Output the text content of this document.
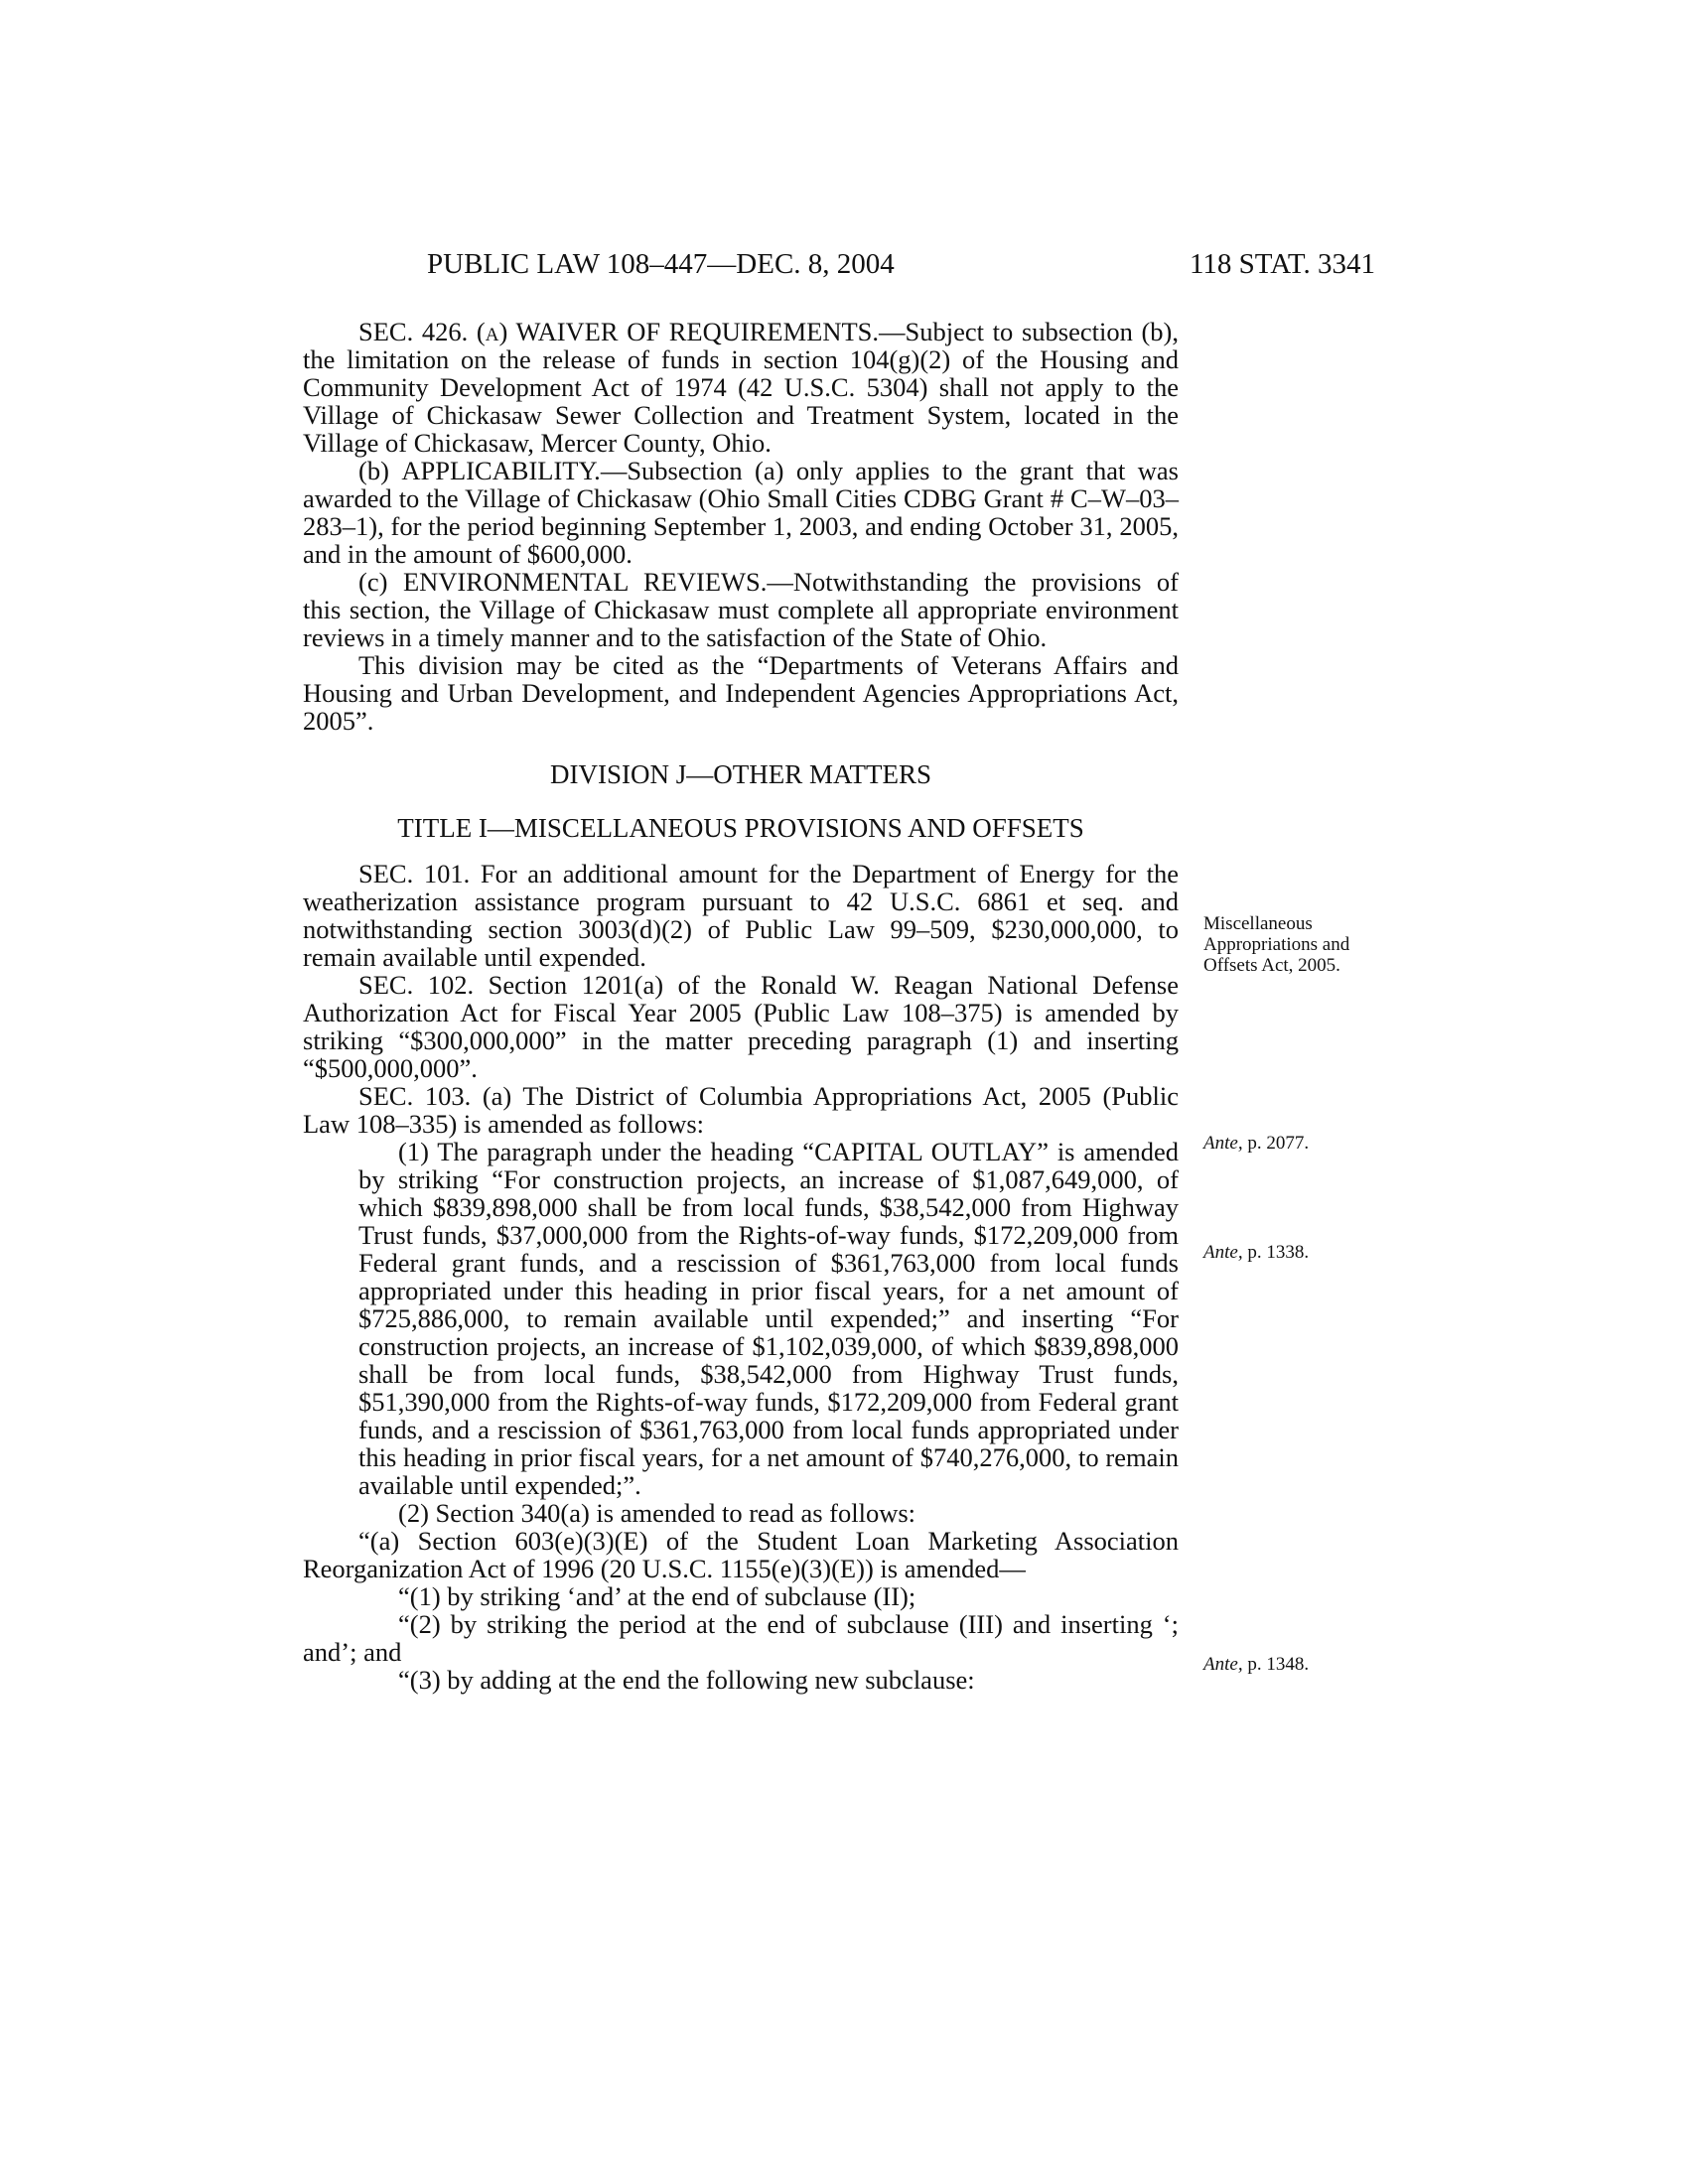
PUBLIC LAW 108–447—DEC. 8, 2004	118 STAT. 3341

SEC. 426. (a) WAIVER OF REQUIREMENTS.—Subject to subsection (b), the limitation on the release of funds in section 104(g)(2) of the Housing and Community Development Act of 1974 (42 U.S.C. 5304) shall not apply to the Village of Chickasaw Sewer Collection and Treatment System, located in the Village of Chickasaw, Mercer County, Ohio.

(b) APPLICABILITY.—Subsection (a) only applies to the grant that was awarded to the Village of Chickasaw (Ohio Small Cities CDBG Grant # C–W–03–283–1), for the period beginning September 1, 2003, and ending October 31, 2005, and in the amount of $600,000.

(c) ENVIRONMENTAL REVIEWS.—Notwithstanding the provisions of this section, the Village of Chickasaw must complete all appropriate environment reviews in a timely manner and to the satisfaction of the State of Ohio.

This division may be cited as the “Departments of Veterans Affairs and Housing and Urban Development, and Independent Agencies Appropriations Act, 2005”.

DIVISION J—OTHER MATTERS
TITLE I—MISCELLANEOUS PROVISIONS AND OFFSETS

SEC. 101. For an additional amount for the Department of Energy for the weatherization assistance program pursuant to 42 U.S.C. 6861 et seq. and notwithstanding section 3003(d)(2) of Public Law 99–509, $230,000,000, to remain available until expended.

SEC. 102. Section 1201(a) of the Ronald W. Reagan National Defense Authorization Act for Fiscal Year 2005 (Public Law 108–375) is amended by striking “$300,000,000” in the matter preceding paragraph (1) and inserting “$500,000,000”.

SEC. 103. (a) The District of Columbia Appropriations Act, 2005 (Public Law 108–335) is amended as follows:

(1) The paragraph under the heading “CAPITAL OUTLAY” is amended by striking “For construction projects, an increase of $1,087,649,000, of which $839,898,000 shall be from local funds, $38,542,000 from Highway Trust funds, $37,000,000 from the Rights-of-way funds, $172,209,000 from Federal grant funds, and a rescission of $361,763,000 from local funds appropriated under this heading in prior fiscal years, for a net amount of $725,886,000, to remain available until expended;” and inserting “For construction projects, an increase of $1,102,039,000, of which $839,898,000 shall be from local funds, $38,542,000 from Highway Trust funds, $51,390,000 from the Rights-of-way funds, $172,209,000 from Federal grant funds, and a rescission of $361,763,000 from local funds appropriated under this heading in prior fiscal years, for a net amount of $740,276,000, to remain available until expended;”.

(2) Section 340(a) is amended to read as follows:

“(a) Section 603(e)(3)(E) of the Student Loan Marketing Association Reorganization Act of 1996 (20 U.S.C. 1155(e)(3)(E)) is amended—

“(1) by striking ‘and’ at the end of subclause (II);

“(2) by striking the period at the end of subclause (III) and inserting ‘; and’; and

“(3) by adding at the end the following new subclause:

Miscellaneous Appropriations and Offsets Act, 2005.
Ante, p. 2077.
Ante, p. 1338.
Ante, p. 1348.
